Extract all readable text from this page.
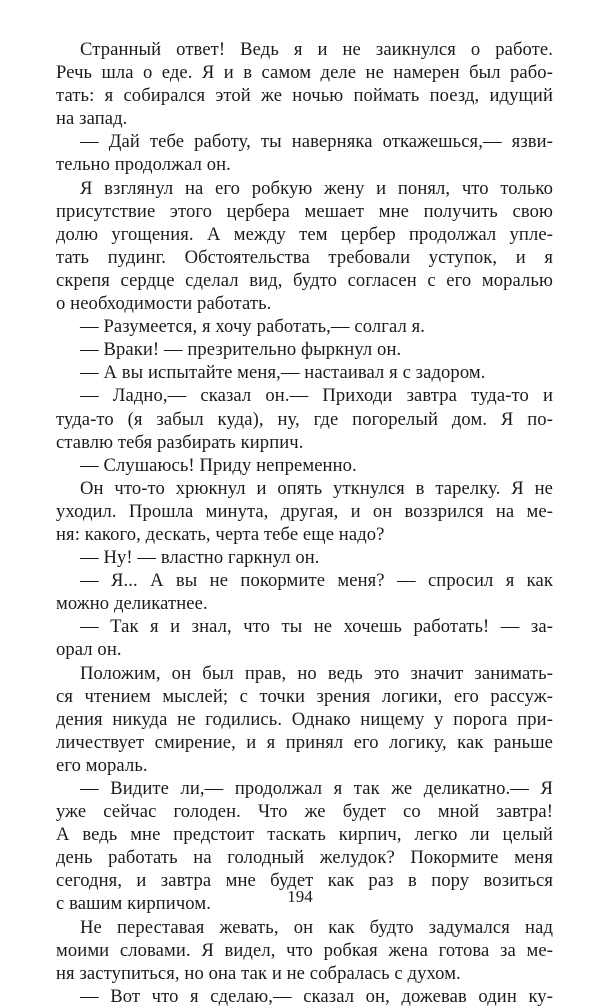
Странный ответ! Ведь я и не заикнулся о работе.
Речь шла о еде. Я и в самом деле не намерен был рабо-
тать: я собирался этой же ночью поймать поезд, идущий
на запад.
— Дай тебе работу, ты наверняка откажешься,— язви-
тельно продолжал он.
Я взглянул на его робкую жену и понял, что только
присутствие этого цербера мешает мне получить свою
долю угощения. А между тем цербер продолжал упле-
тать пудинг. Обстоятельства требовали уступок, и я
скрепя сердце сделал вид, будто согласен с его моралью
о необходимости работать.
— Разумеется, я хочу работать,— солгал я.
— Враки! — презрительно фыркнул он.
— А вы испытайте меня,— настаивал я с задором.
— Ладно,— сказал он.— Приходи завтра туда-то и
туда-то (я забыл куда), ну, где погорелый дом. Я по-
ставлю тебя разбирать кирпич.
— Слушаюсь! Приду непременно.
Он что-то хрюкнул и опять уткнулся в тарелку. Я не
уходил. Прошла минута, другая, и он воззрился на ме-
ня: какого, дескать, черта тебе еще надо?
— Ну! — властно гаркнул он.
— Я... А вы не покормите меня? — спросил я как
можно деликатнее.
— Так я и знал, что ты не хочешь работать! — за-
орал он.
Положим, он был прав, но ведь это значит занимать-
ся чтением мыслей; с точки зрения логики, его рассуж-
дения никуда не годились. Однако нищему у порога при-
личествует смирение, и я принял его логику, как раньше
его мораль.
— Видите ли,— продолжал я так же деликатно.— Я
уже сейчас голоден. Что же будет со мной завтра!
А ведь мне предстоит таскать кирпич, легко ли целый
день работать на голодный желудок? Покормите меня
сегодня, и завтра мне будет как раз в пору возиться
с вашим кирпичом.
Не переставая жевать, он как будто задумался над
моими словами. Я видел, что робкая жена готова за ме-
ня заступиться, но она так и не собралась с духом.
— Вот что я сделаю,— сказал он, дожевав один ку-
194
